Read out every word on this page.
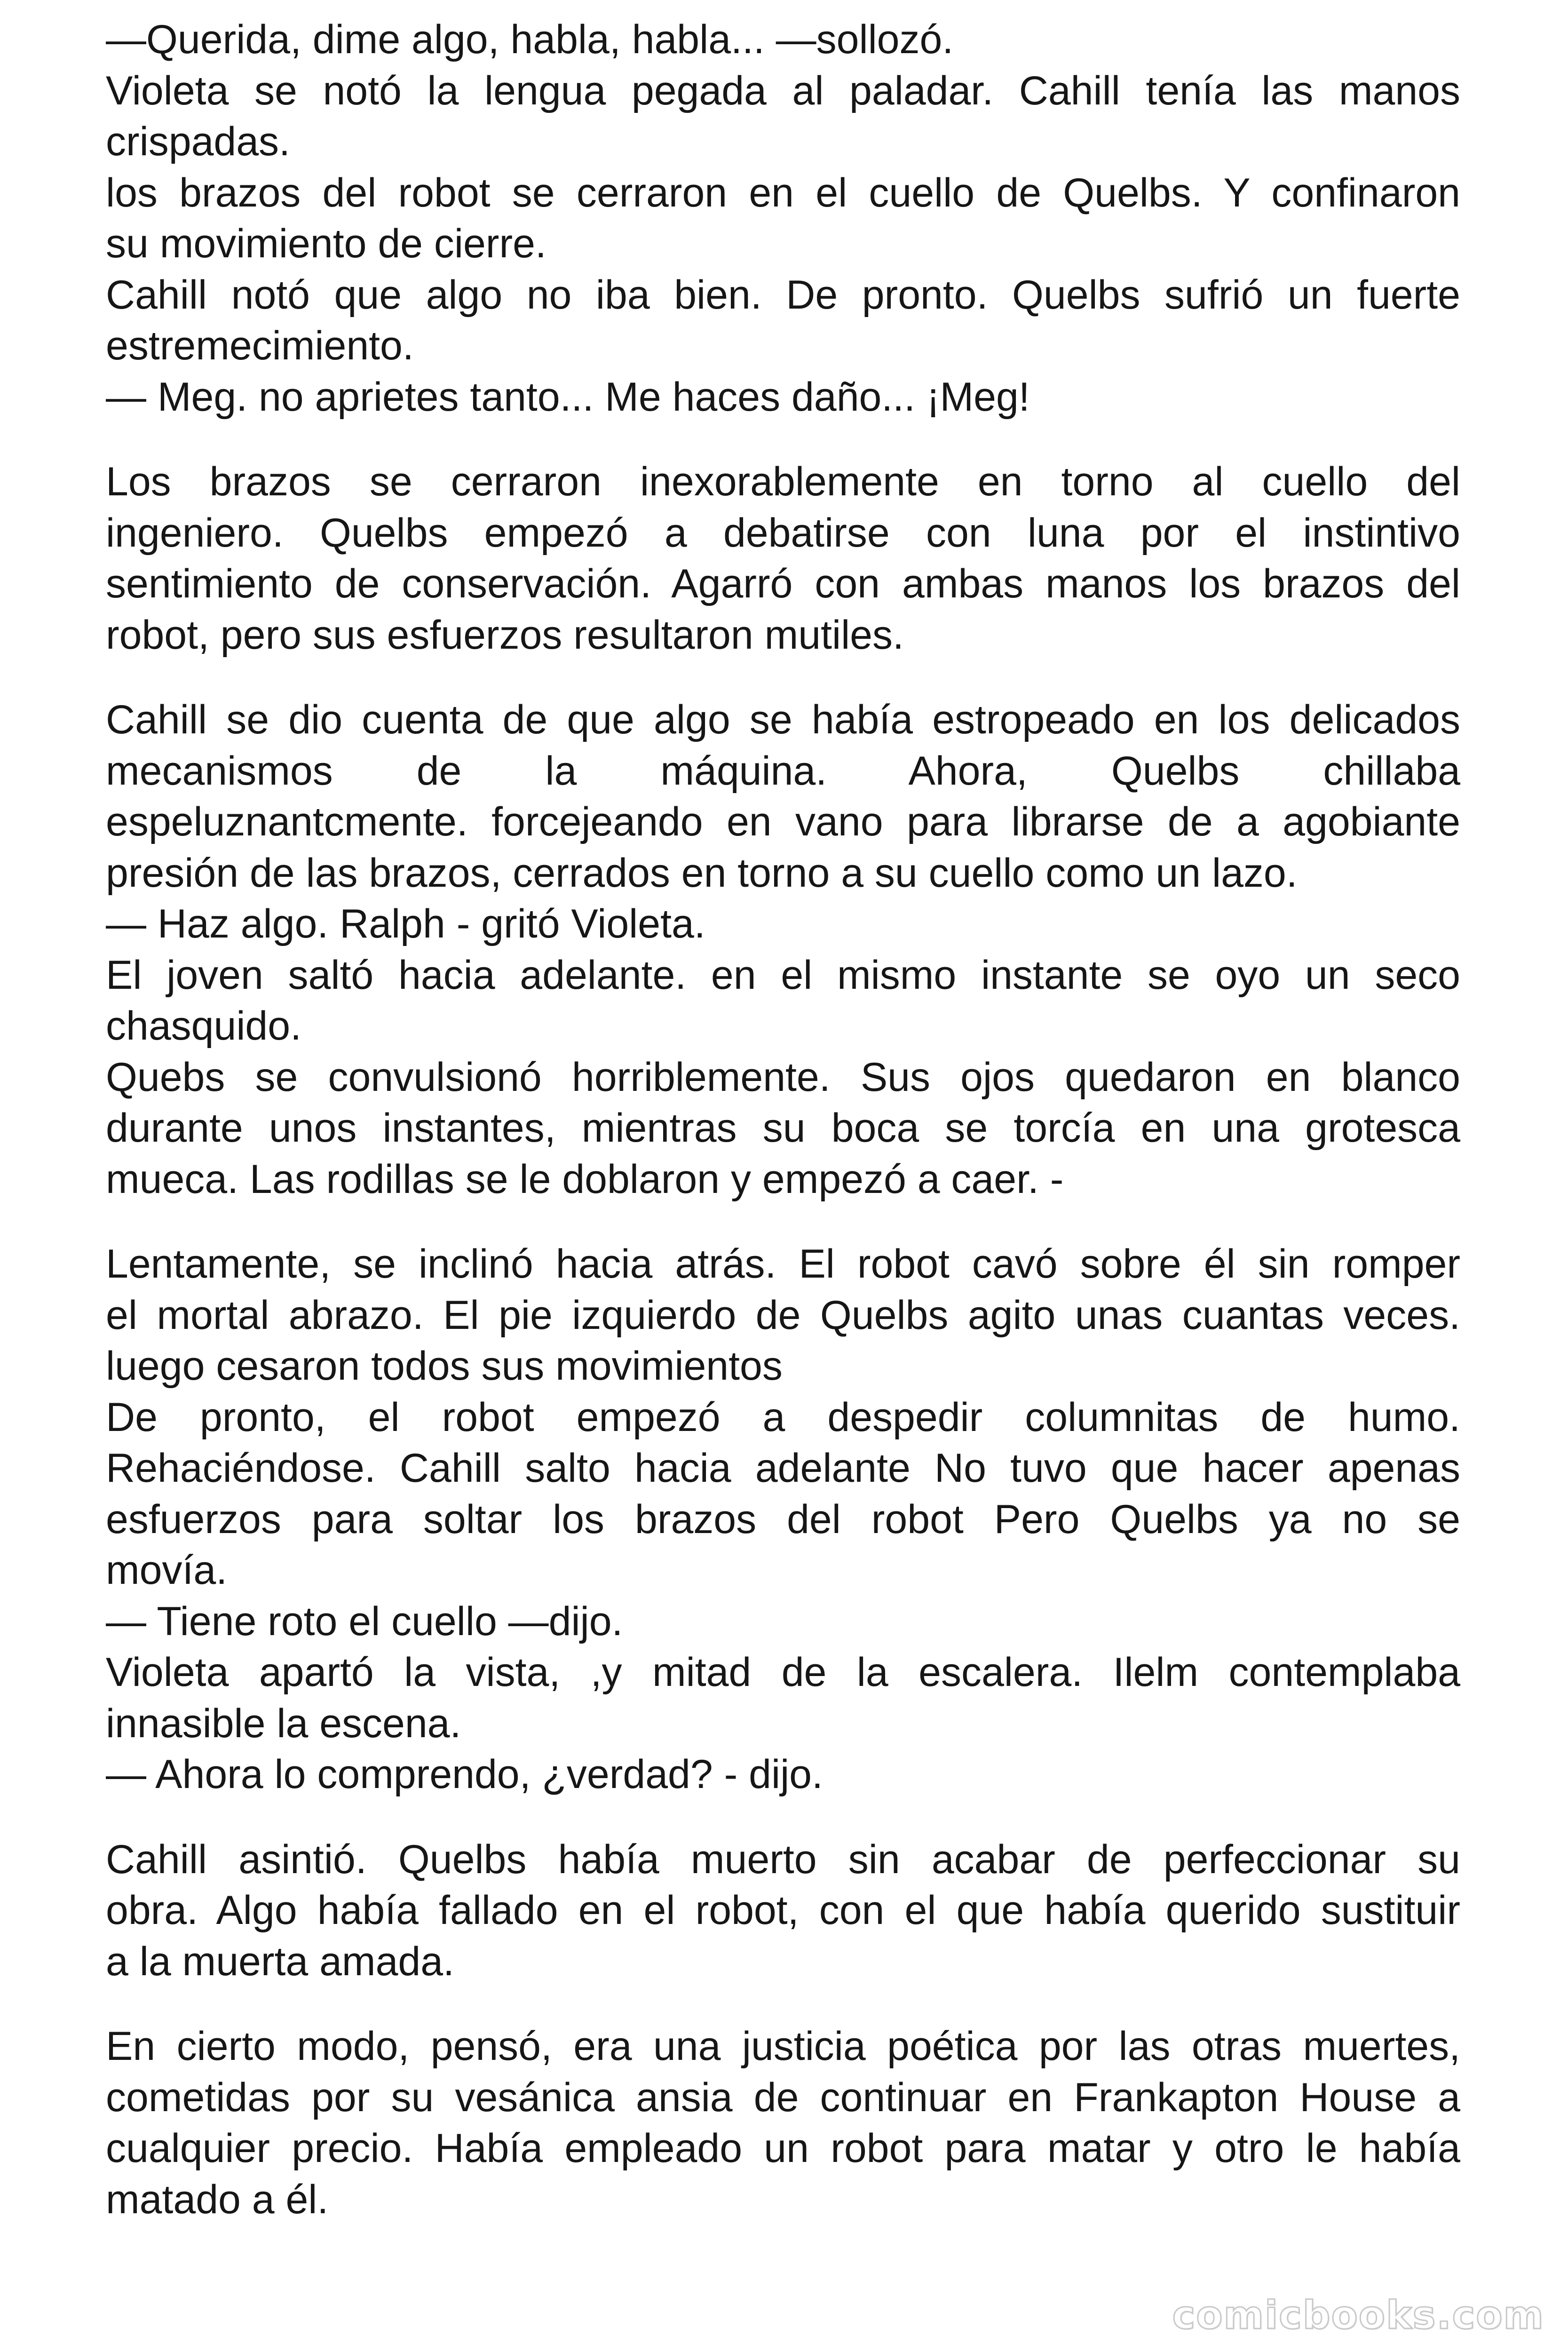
—Querida, dime algo, habla, habla... —sollozó.
Violeta se notó la lengua pegada al paladar. Cahill tenía las manos
crispadas.
los brazos del robot se cerraron en el cuello de Quelbs. Y confinaron
su movimiento de cierre.
Cahill notó que algo no iba bien. De pronto. Quelbs sufrió un fuerte
estremecimiento.
— Meg. no aprietes tanto... Me haces daño... ¡Meg!
Los brazos se cerraron inexorablemente en torno al cuello del
ingeniero. Quelbs empezó a debatirse con luna por el instintivo
sentimiento de conservación. Agarró con ambas manos los brazos del
robot, pero sus esfuerzos resultaron mutiles.
Cahill se dio cuenta de que algo se había estropeado en los delicados
mecanismos de la máquina. Ahora, Quelbs chillaba
espeluznantcmente. forcejeando en vano para librarse de a agobiante
presión de las brazos, cerrados en torno a su cuello como un lazo.
— Haz algo. Ralph - gritó Violeta.
El joven saltó hacia adelante. en el mismo instante se oyo un seco
chasquido.
Quebs se convulsionó horriblemente. Sus ojos quedaron en blanco
durante unos instantes, mientras su boca se torcía en una grotesca
mueca. Las rodillas se le doblaron y empezó a caer. -
Lentamente, se inclinó hacia atrás. El robot cavó sobre él sin romper
el mortal abrazo. El pie izquierdo de Quelbs agito unas cuantas veces.
luego cesaron todos sus movimientos
De pronto, el robot empezó a despedir columnitas de humo.
Rehaciéndose. Cahill salto hacia adelante No tuvo que hacer apenas
esfuerzos para soltar los brazos del robot Pero Quelbs ya no se
movía.
— Tiene roto el cuello —dijo.
Violeta apartó la vista, ,y mitad de la escalera. Ilelm contemplaba
innasible la escena.
— Ahora lo comprendo, ¿verdad? - dijo.
Cahill asintió. Quelbs había muerto sin acabar de perfeccionar su
obra. Algo había fallado en el robot, con el que había querido sustituir
a la muerta amada.
En cierto modo, pensó, era una justicia poética por las otras muertes,
cometidas por su vesánica ansia de continuar en Frankapton House a
cualquier precio. Había empleado un robot para matar y otro le había
matado a él.
comicbooks.com
